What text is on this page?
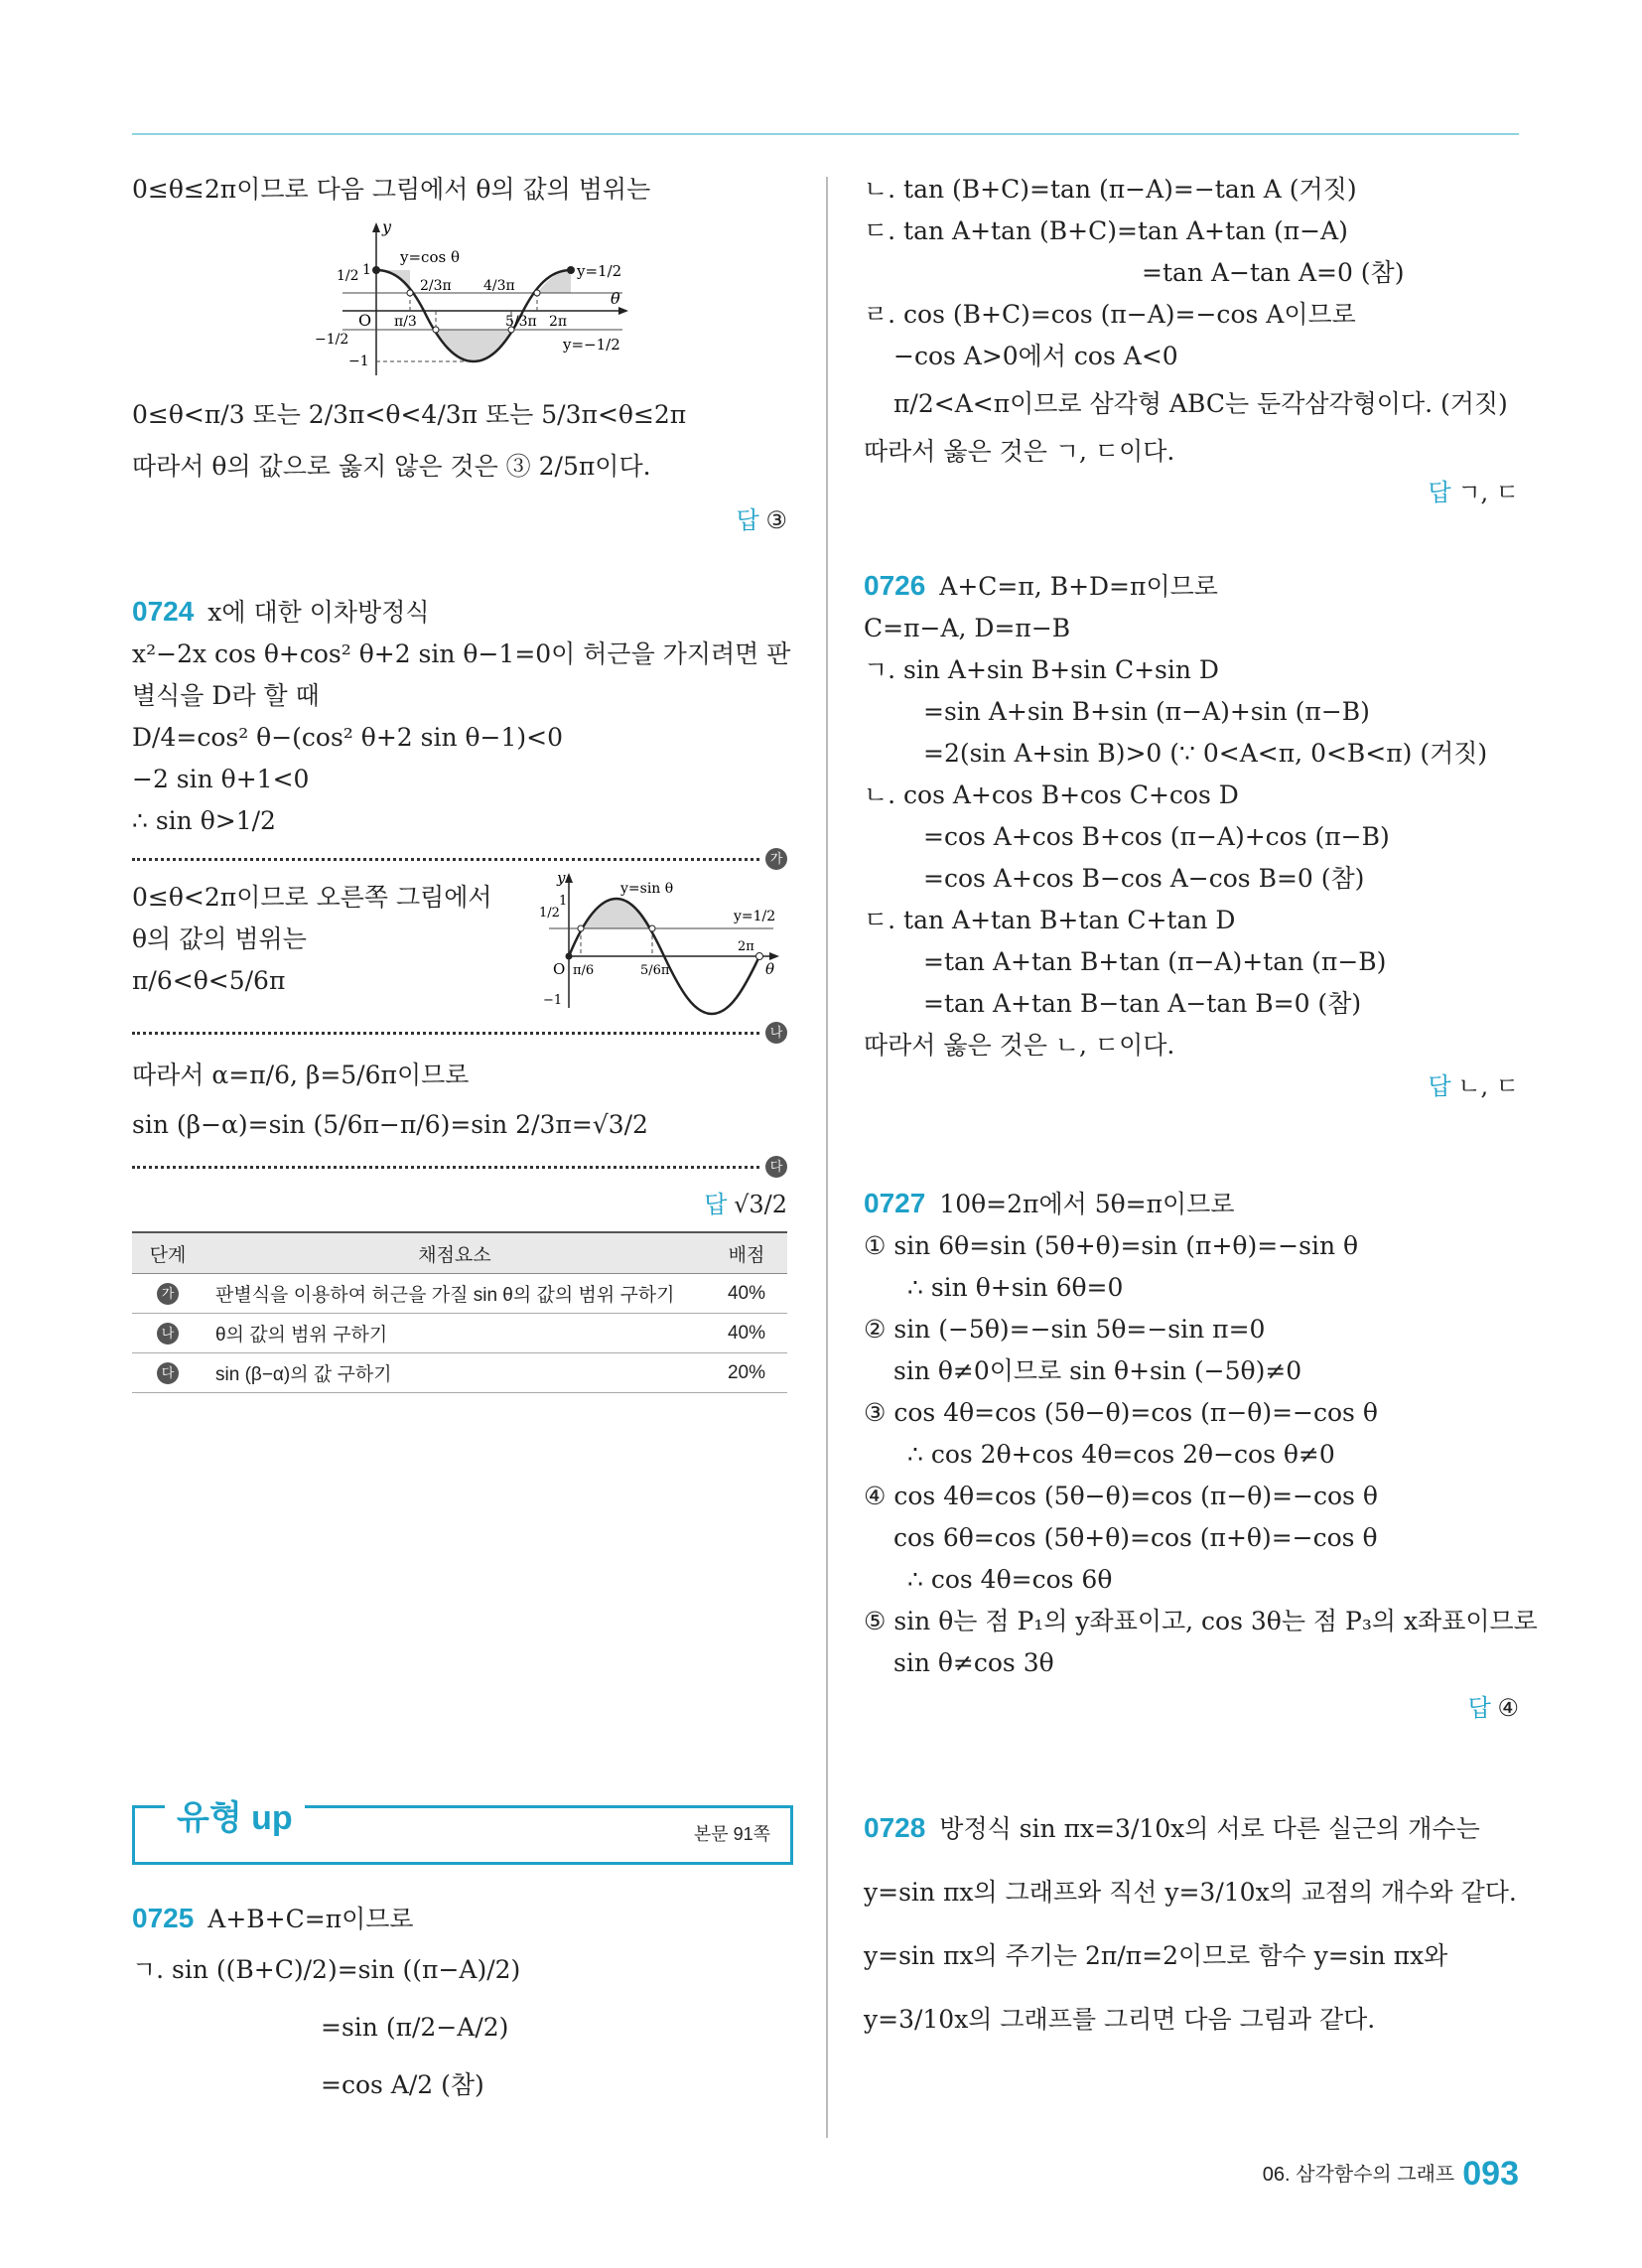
0≤θ≤2π이므로 다음 그림에서 θ의 값의 범위는
y
θ
O
y=cos θ
y=1/2
y=−1/2
1/2 1
−1/2
−1
2/3π 4/3π
π/3	5/3π 2π
0≤θ<π/3 또는 2/3π<θ<4/3π 또는 5/3π<θ≤2π
따라서 θ의 값으로 옳지 않은 것은 ③ 2/5π이다.
답 ③
0724 x에 대한 이차방정식
x²−2x cos θ+cos² θ+2 sin θ−1=0이 허근을 가지려면 판
별식을 D라 할 때
D/4=cos² θ−(cos² θ+2 sin θ−1)<0
−2 sin θ+1<0
∴ sin θ>1/2
가
0≤θ<2π이므로 오른쪽 그림에서
θ의 값의 범위는
π/6<θ<5/6π
y
θ
O
y=sin θ
y=1/2
1/2
1
−1
π/6	5/6π
2π
나
따라서 α=π/6, β=5/6π이므로
sin (β−α)=sin (5/6π−π/6)=sin 2/3π=√3/2
다
답 √3/2
단계	채점요소	배점
가	판별식을 이용하여 허근을 가질 sin θ의 값의 범위 구하기	40%
나	θ의 값의 범위 구하기	40%
다	sin (β−α)의 값 구하기	20%
유형 up	본문 91쪽
0725 A+B+C=π이므로
ㄱ. sin ((B+C)/2)=sin ((π−A)/2)
=sin (π/2−A/2)
=cos A/2 (참)
ㄴ. tan (B+C)=tan (π−A)=−tan A (거짓)
ㄷ. tan A+tan (B+C)=tan A+tan (π−A)
=tan A−tan A=0 (참)
ㄹ. cos (B+C)=cos (π−A)=−cos A이므로
−cos A>0에서 cos A<0
π/2<A<π이므로 삼각형 ABC는 둔각삼각형이다. (거짓)
따라서 옳은 것은 ㄱ, ㄷ이다.
답 ㄱ, ㄷ
0726 A+C=π, B+D=π이므로
C=π−A, D=π−B
ㄱ. sin A+sin B+sin C+sin D
=sin A+sin B+sin (π−A)+sin (π−B)
=2(sin A+sin B)>0 (∵ 0<A<π, 0<B<π) (거짓)
ㄴ. cos A+cos B+cos C+cos D
=cos A+cos B+cos (π−A)+cos (π−B)
=cos A+cos B−cos A−cos B=0 (참)
ㄷ. tan A+tan B+tan C+tan D
=tan A+tan B+tan (π−A)+tan (π−B)
=tan A+tan B−tan A−tan B=0 (참)
따라서 옳은 것은 ㄴ, ㄷ이다.
답 ㄴ, ㄷ
0727 10θ=2π에서 5θ=π이므로
① sin 6θ=sin (5θ+θ)=sin (π+θ)=−sin θ
∴ sin θ+sin 6θ=0
② sin (−5θ)=−sin 5θ=−sin π=0
sin θ≠0이므로 sin θ+sin (−5θ)≠0
③ cos 4θ=cos (5θ−θ)=cos (π−θ)=−cos θ
∴ cos 2θ+cos 4θ=cos 2θ−cos θ≠0
④ cos 4θ=cos (5θ−θ)=cos (π−θ)=−cos θ
cos 6θ=cos (5θ+θ)=cos (π+θ)=−cos θ
∴ cos 4θ=cos 6θ
⑤ sin θ는 점 P₁의 y좌표이고, cos 3θ는 점 P₃의 x좌표이므로
sin θ≠cos 3θ
답 ④
0728 방정식 sin πx=3/10x의 서로 다른 실근의 개수는
y=sin πx의 그래프와 직선 y=3/10x의 교점의 개수와 같다.
y=sin πx의 주기는 2π/π=2이므로 함수 y=sin πx와
y=3/10x의 그래프를 그리면 다음 그림과 같다.
06. 삼각함수의 그래프 093
